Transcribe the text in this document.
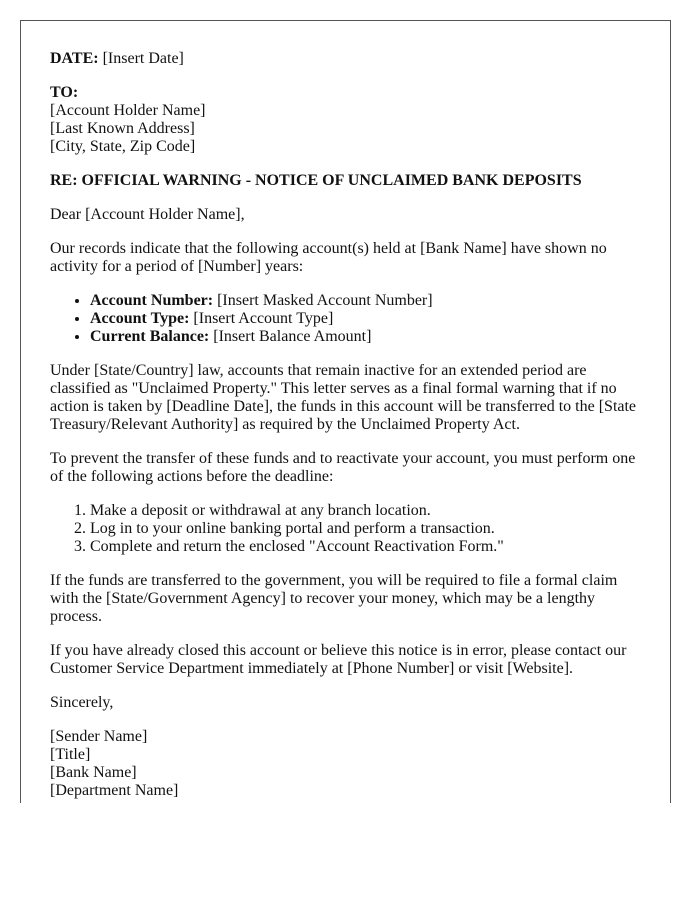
DATE: [Insert Date]

TO:
[Account Holder Name]
[Last Known Address]
[City, State, Zip Code]

RE: OFFICIAL WARNING - NOTICE OF UNCLAIMED BANK DEPOSITS

Dear [Account Holder Name],

Our records indicate that the following account(s) held at [Bank Name] have shown no activity for a period of [Number] years:

• Account Number: [Insert Masked Account Number]
• Account Type: [Insert Account Type]
• Current Balance: [Insert Balance Amount]

Under [State/Country] law, accounts that remain inactive for an extended period are classified as "Unclaimed Property." This letter serves as a final formal warning that if no action is taken by [Deadline Date], the funds in this account will be transferred to the [State Treasury/Relevant Authority] as required by the Unclaimed Property Act.

To prevent the transfer of these funds and to reactivate your account, you must perform one of the following actions before the deadline:

1. Make a deposit or withdrawal at any branch location.
2. Log in to your online banking portal and perform a transaction.
3. Complete and return the enclosed "Account Reactivation Form."

If the funds are transferred to the government, you will be required to file a formal claim with the [State/Government Agency] to recover your money, which may be a lengthy process.

If you have already closed this account or believe this notice is in error, please contact our Customer Service Department immediately at [Phone Number] or visit [Website].

Sincerely,

[Sender Name]
[Title]
[Bank Name]
[Department Name]
